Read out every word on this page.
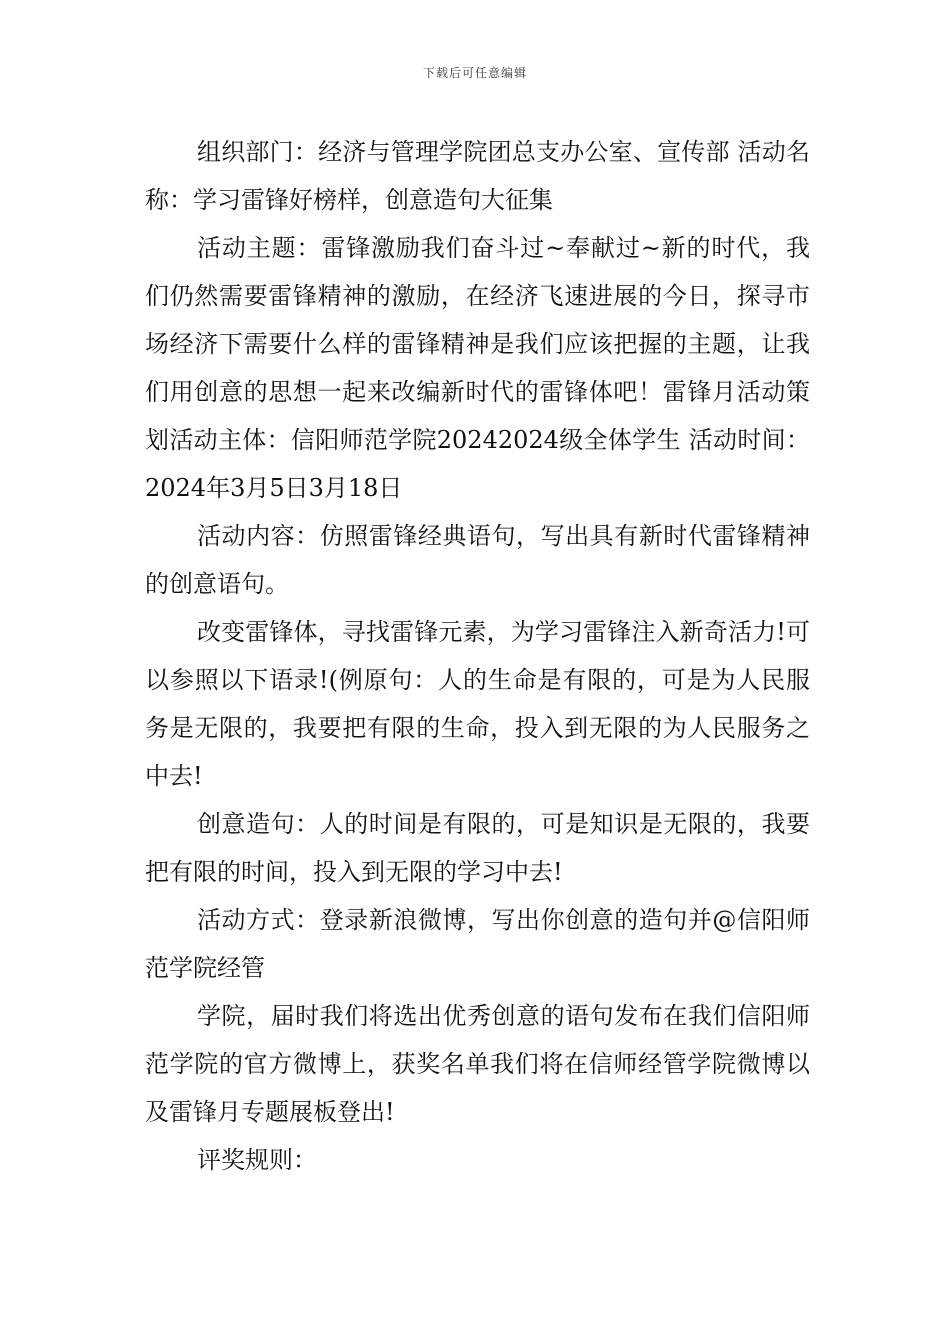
下载后可任意编辑

组织部门：经济与管理学院团总支办公室、宣传部 活动名称：学习雷锋好榜样，创意造句大征集

活动主题：雷锋激励我们奋斗过~奉献过~新的时代，我们仍然需要雷锋精神的激励，在经济飞速进展的今日，探寻市场经济下需要什么样的雷锋精神是我们应该把握的主题，让我们用创意的思想一起来改编新时代的雷锋体吧！雷锋月活动策划活动主体：信阳师范学院20242024级全体学生 活动时间：2024年3月5日3月18日

活动内容：仿照雷锋经典语句，写出具有新时代雷锋精神的创意语句。

改变雷锋体，寻找雷锋元素，为学习雷锋注入新奇活力!可以参照以下语录!(例原句：人的生命是有限的，可是为人民服务是无限的，我要把有限的生命，投入到无限的为人民服务之中去!

创意造句：人的时间是有限的，可是知识是无限的，我要把有限的时间，投入到无限的学习中去!

活动方式：登录新浪微博，写出你创意的造句并@信阳师范学院经管

学院，届时我们将选出优秀创意的语句发布在我们信阳师范学院的官方微博上，获奖名单我们将在信师经管学院微博以及雷锋月专题展板登出!

评奖规则：
